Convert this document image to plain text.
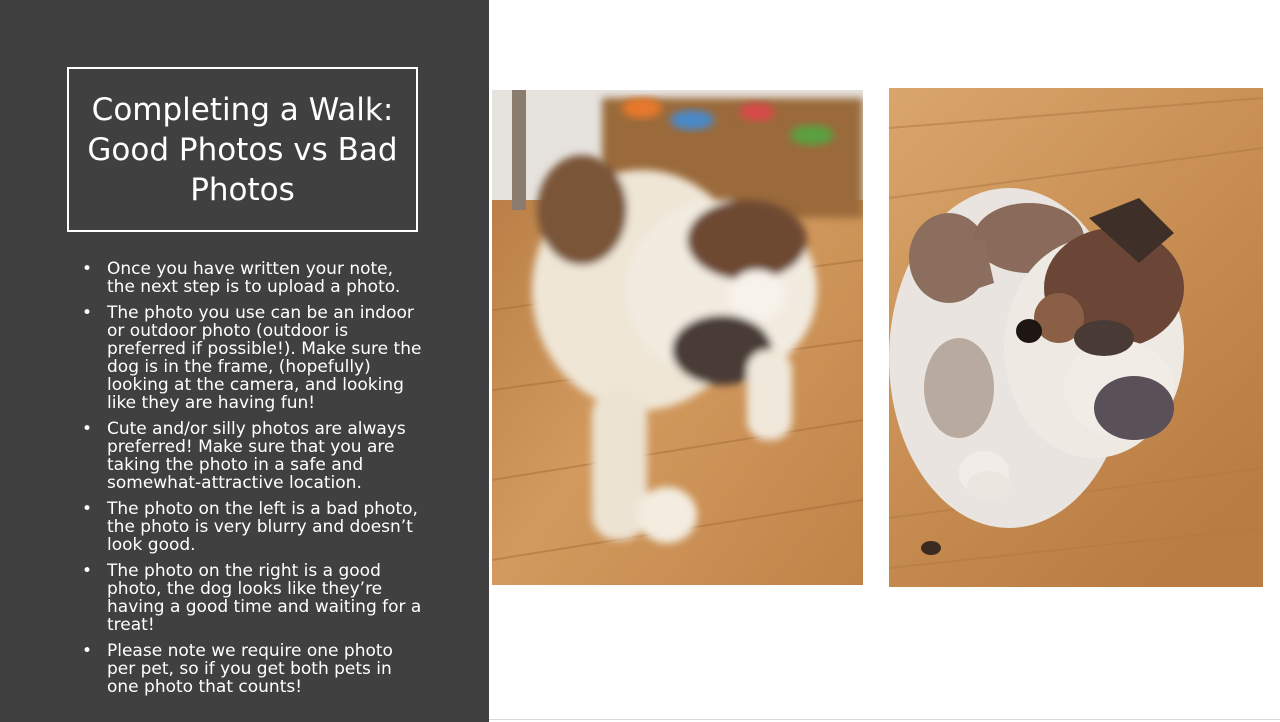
Completing a Walk: Good Photos vs Bad Photos
• Once you have written your note, the next step is to upload a photo.
• The photo you use can be an indoor or outdoor photo (outdoor is preferred if possible!). Make sure the dog is in the frame, (hopefully) looking at the camera, and looking like they are having fun!
• Cute and/or silly photos are always preferred! Make sure that you are taking the photo in a safe and somewhat-attractive location.
• The photo on the left is a bad photo, the photo is very blurry and doesn’t look good.
• The photo on the right is a good photo, the dog looks like they’re having a good time and waiting for a treat!
• Please note we require one photo per pet, so if you get both pets in one photo that counts!
